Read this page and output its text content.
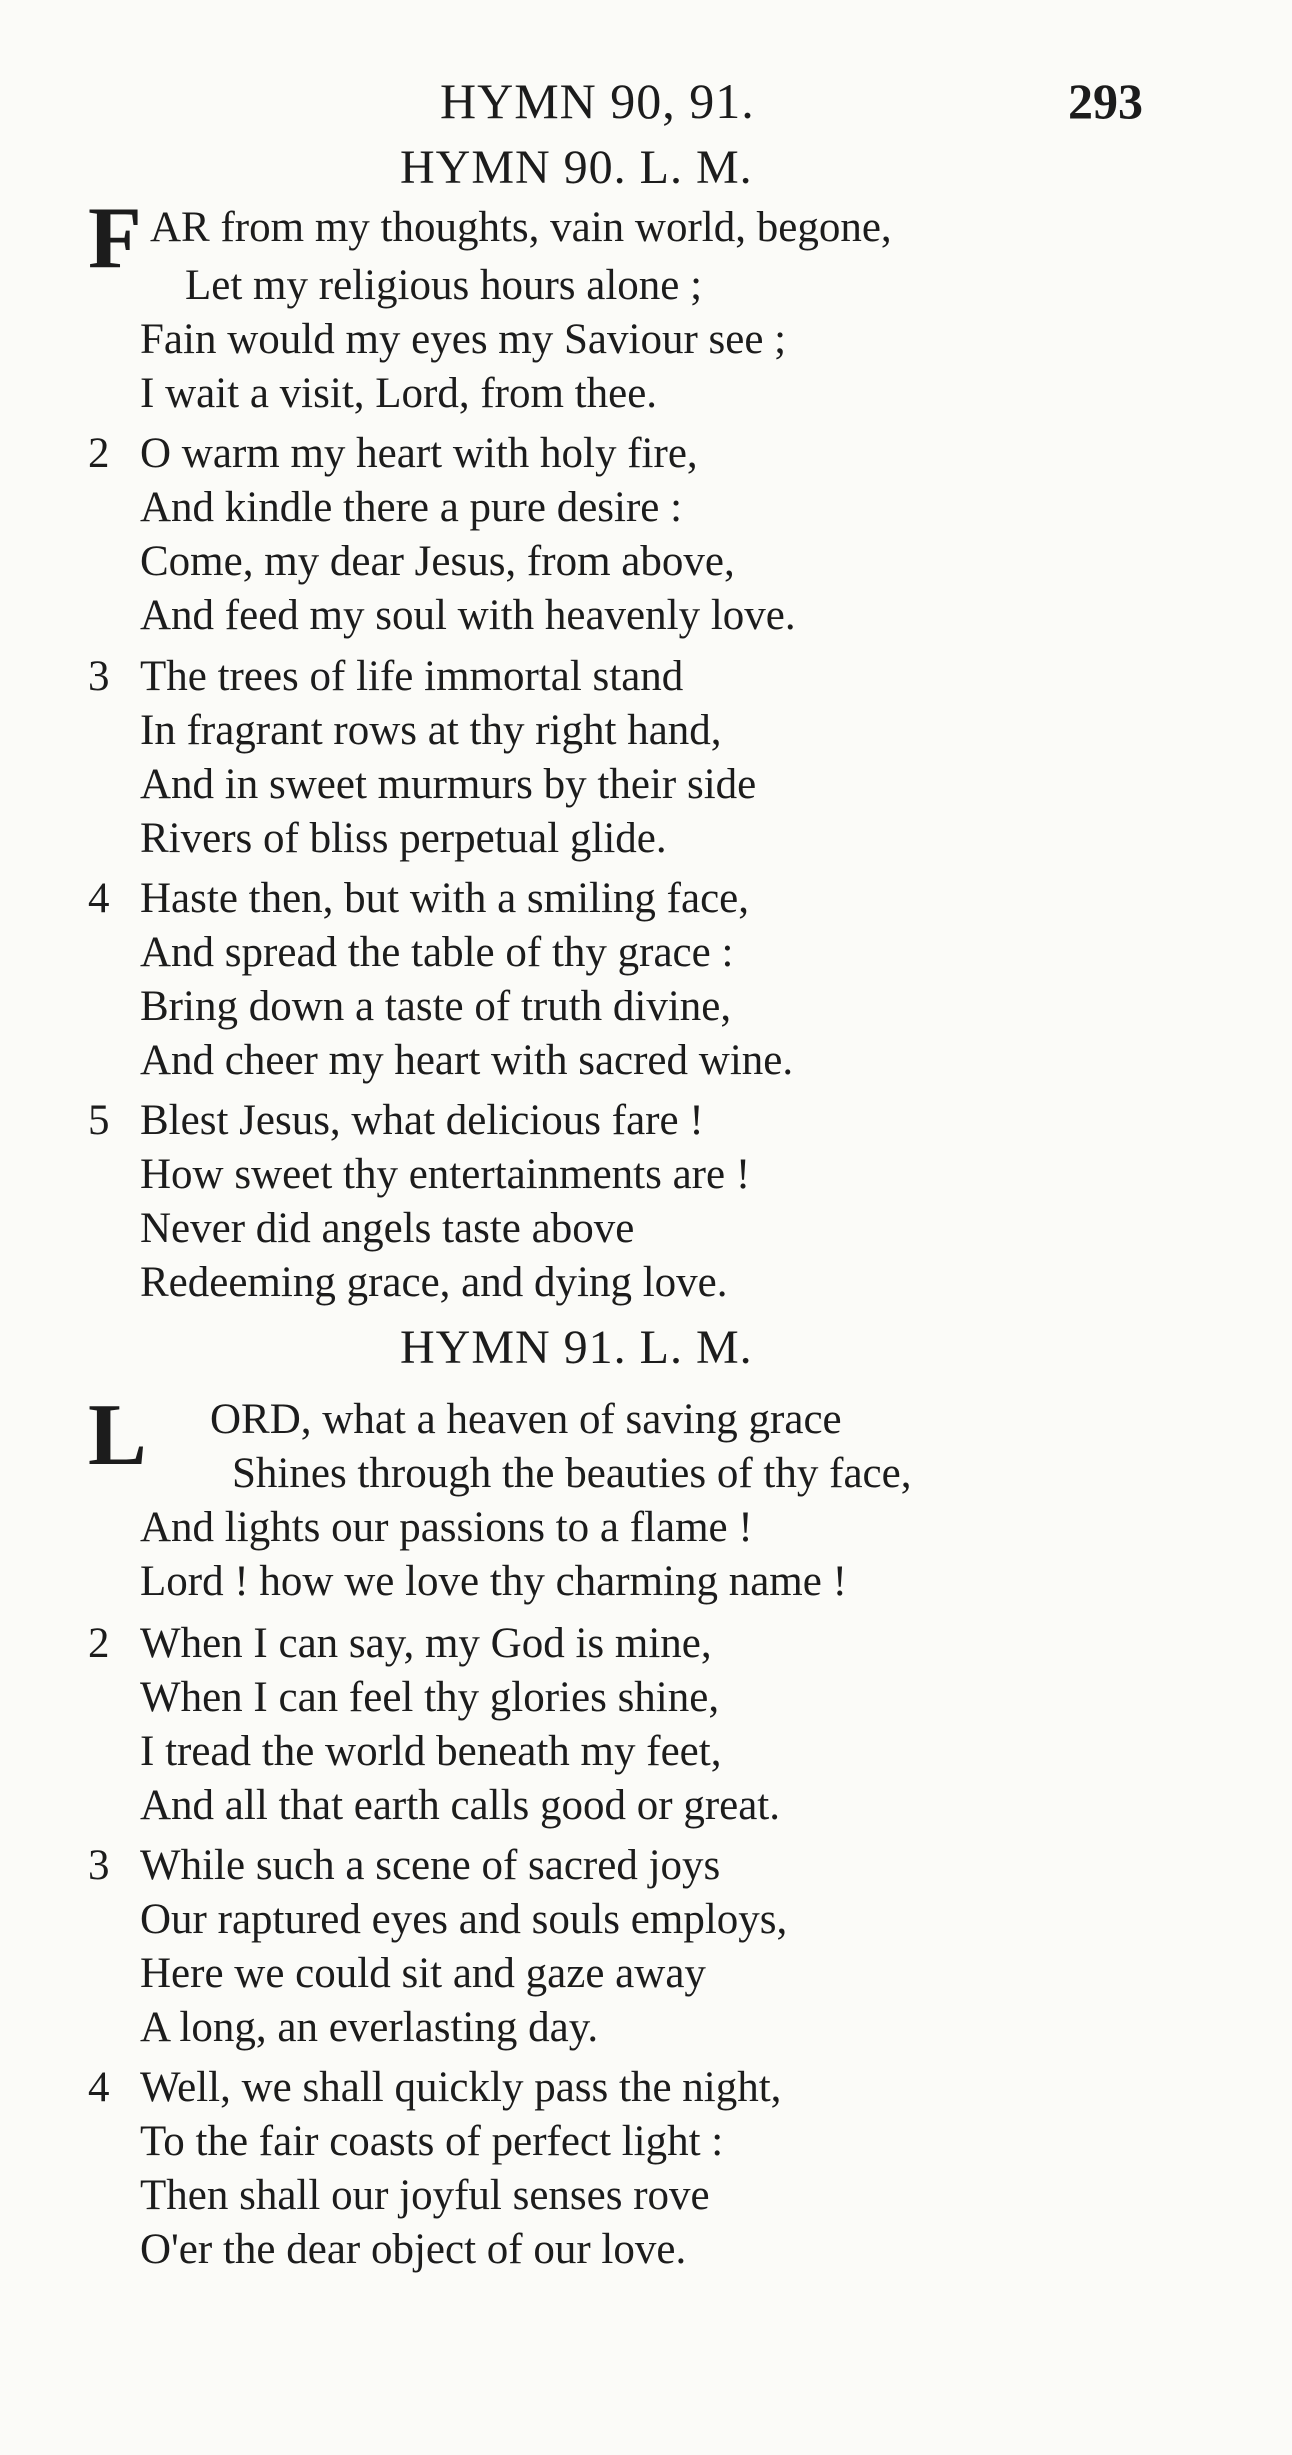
HYMN 90, 91.	293
HYMN 90. L. M.
F AR from my thoughts, vain world, begone,
Let my religious hours alone ;
Fain would my eyes my Saviour see ;
I wait a visit, Lord, from thee.
2 O warm my heart with holy fire,
And kindle there a pure desire :
Come, my dear Jesus, from above,
And feed my soul with heavenly love.
3 The trees of life immortal stand
In fragrant rows at thy right hand,
And in sweet murmurs by their side
Rivers of bliss perpetual glide.
4 Haste then, but with a smiling face,
And spread the table of thy grace :
Bring down a taste of truth divine,
And cheer my heart with sacred wine.
5 Blest Jesus, what delicious fare !
How sweet thy entertainments are !
Never did angels taste above
Redeeming grace, and dying love.
HYMN 91. L. M.
L ORD, what a heaven of saving grace
Shines through the beauties of thy face,
And lights our passions to a flame !
Lord ! how we love thy charming name !
2 When I can say, my God is mine,
When I can feel thy glories shine,
I tread the world beneath my feet,
And all that earth calls good or great.
3 While such a scene of sacred joys
Our raptured eyes and souls employs,
Here we could sit and gaze away
A long, an everlasting day.
4 Well, we shall quickly pass the night,
To the fair coasts of perfect light :
Then shall our joyful senses rove
O'er the dear object of our love.
